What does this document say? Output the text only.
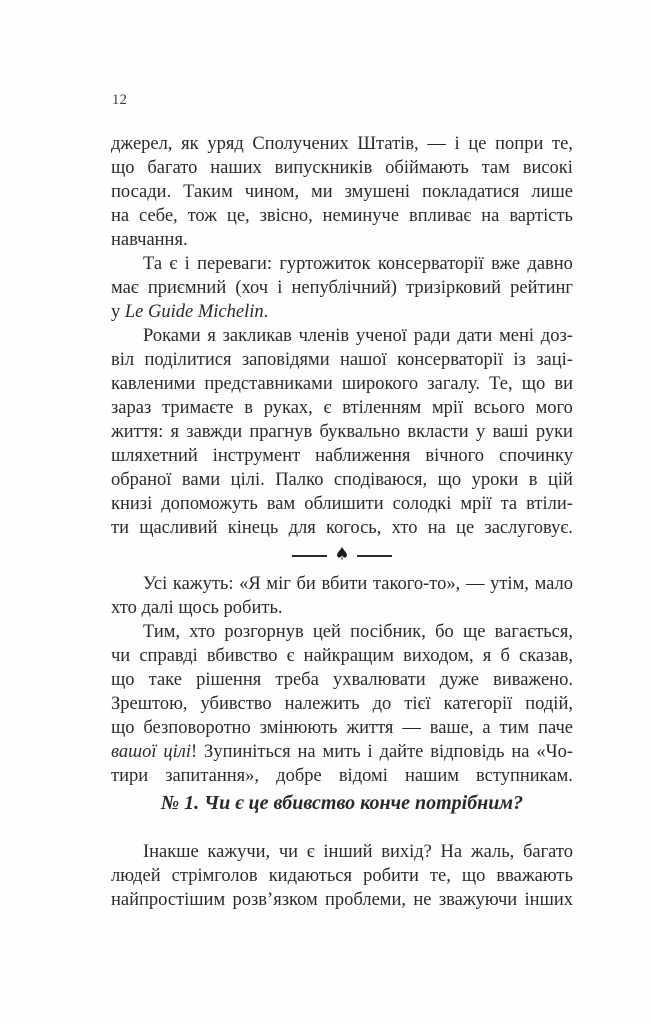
12
джерел, як уряд Сполучених Штатів, — і це попри те,
що багато наших випускників обіймають там високі
посади. Таким чином, ми змушені покладатися лише
на себе, тож це, звісно, неминуче впливає на вартість
навчання.
Та є і переваги: гуртожиток консерваторії вже давно
має приємний (хоч і непублічний) тризірковий рейтинг
у Le Guide Michelin.
Роками я закликав членів ученої ради дати мені доз-
віл поділитися заповідями нашої консерваторії із заці-
кавленими представниками широкого загалу. Те, що ви
зараз тримаєте в руках, є втіленням мрії всього мого
життя: я завжди прагнув буквально вкласти у ваші руки
шляхетний інструмент наближення вічного спочинку
обраної вами цілі. Палко сподіваюся, що уроки в цій
книзі допоможуть вам облишити солодкі мрії та втіли-
ти щасливий кінець для когось, хто на це заслуговує.
♠
Усі кажуть: «Я міг би вбити такого-то», — утім, мало
хто далі щось робить.
Тим, хто розгорнув цей посібник, бо ще вагається,
чи справді вбивство є найкращим виходом, я б сказав,
що таке рішення треба ухвалювати дуже виважено.
Зрештою, убивство належить до тієї категорії подій,
що безповоротно змінюють життя — ваше, а тим паче
вашої цілі! Зупиніться на мить і дайте відповідь на «Чо-
тири запитання», добре відомі нашим вступникам.
№ 1. Чи є це вбивство конче потрібним?
Інакше кажучи, чи є інший вихід? На жаль, багато
людей стрімголов кидаються робити те, що вважають
найпростішим розв’язком проблеми, не зважуючи інших
